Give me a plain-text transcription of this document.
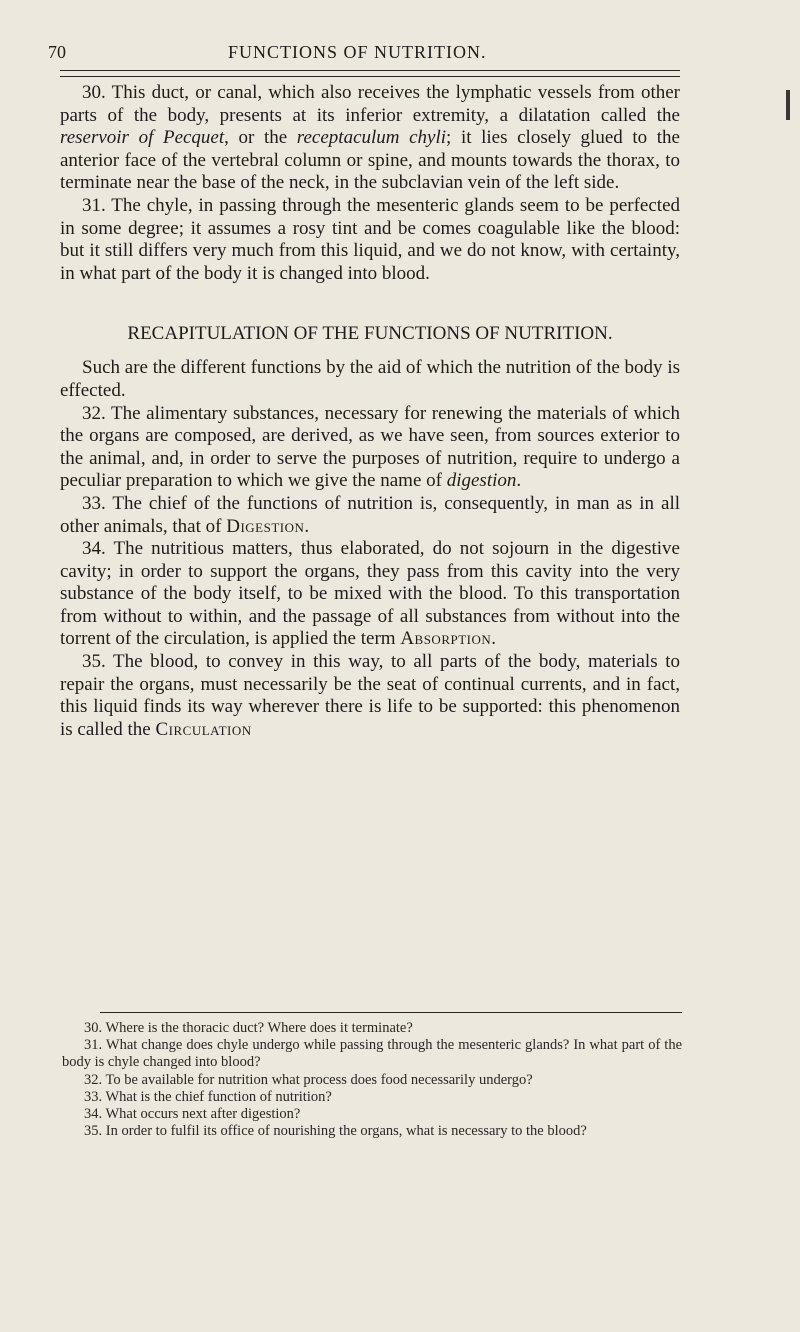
70	FUNCTIONS OF NUTRITION.

30. This duct, or canal, which also receives the lymphatic vessels from other parts of the body, presents at its inferior extremity, a dilatation called the reservoir of Pecquet, or the receptaculum chyli; it lies closely glued to the anterior face of the vertebral column or spine, and mounts towards the thorax, to terminate near the base of the neck, in the subclavian vein of the left side.

31. The chyle, in passing through the mesenteric glands seem to be perfected in some degree; it assumes a rosy tint and be comes coagulable like the blood: but it still differs very much from this liquid, and we do not know, with certainty, in what part of the body it is changed into blood.

RECAPITULATION OF THE FUNCTIONS OF NUTRITION.

Such are the different functions by the aid of which the nutrition of the body is effected.

32. The alimentary substances, necessary for renewing the materials of which the organs are composed, are derived, as we have seen, from sources exterior to the animal, and, in order to serve the purposes of nutrition, require to undergo a peculiar preparation to which we give the name of digestion.

33. The chief of the functions of nutrition is, consequently, in man as in all other animals, that of Digestion.

34. The nutritious matters, thus elaborated, do not sojourn in the digestive cavity; in order to support the organs, they pass from this cavity into the very substance of the body itself, to be mixed with the blood. To this transportation from without to within, and the passage of all substances from without into the torrent of the circulation, is applied the term Absorption.

35. The blood, to convey in this way, to all parts of the body, materials to repair the organs, must necessarily be the seat of continual currents, and in fact, this liquid finds its way wherever there is life to be supported: this phenomenon is called the Circulation

30. Where is the thoracic duct? Where does it terminate?

31. What change does chyle undergo while passing through the mesenteric glands? In what part of the body is chyle changed into blood?

32. To be available for nutrition what process does food necessarily undergo?

33. What is the chief function of nutrition?

34. What occurs next after digestion?

35. In order to fulfil its office of nourishing the organs, what is necessary to the blood?
